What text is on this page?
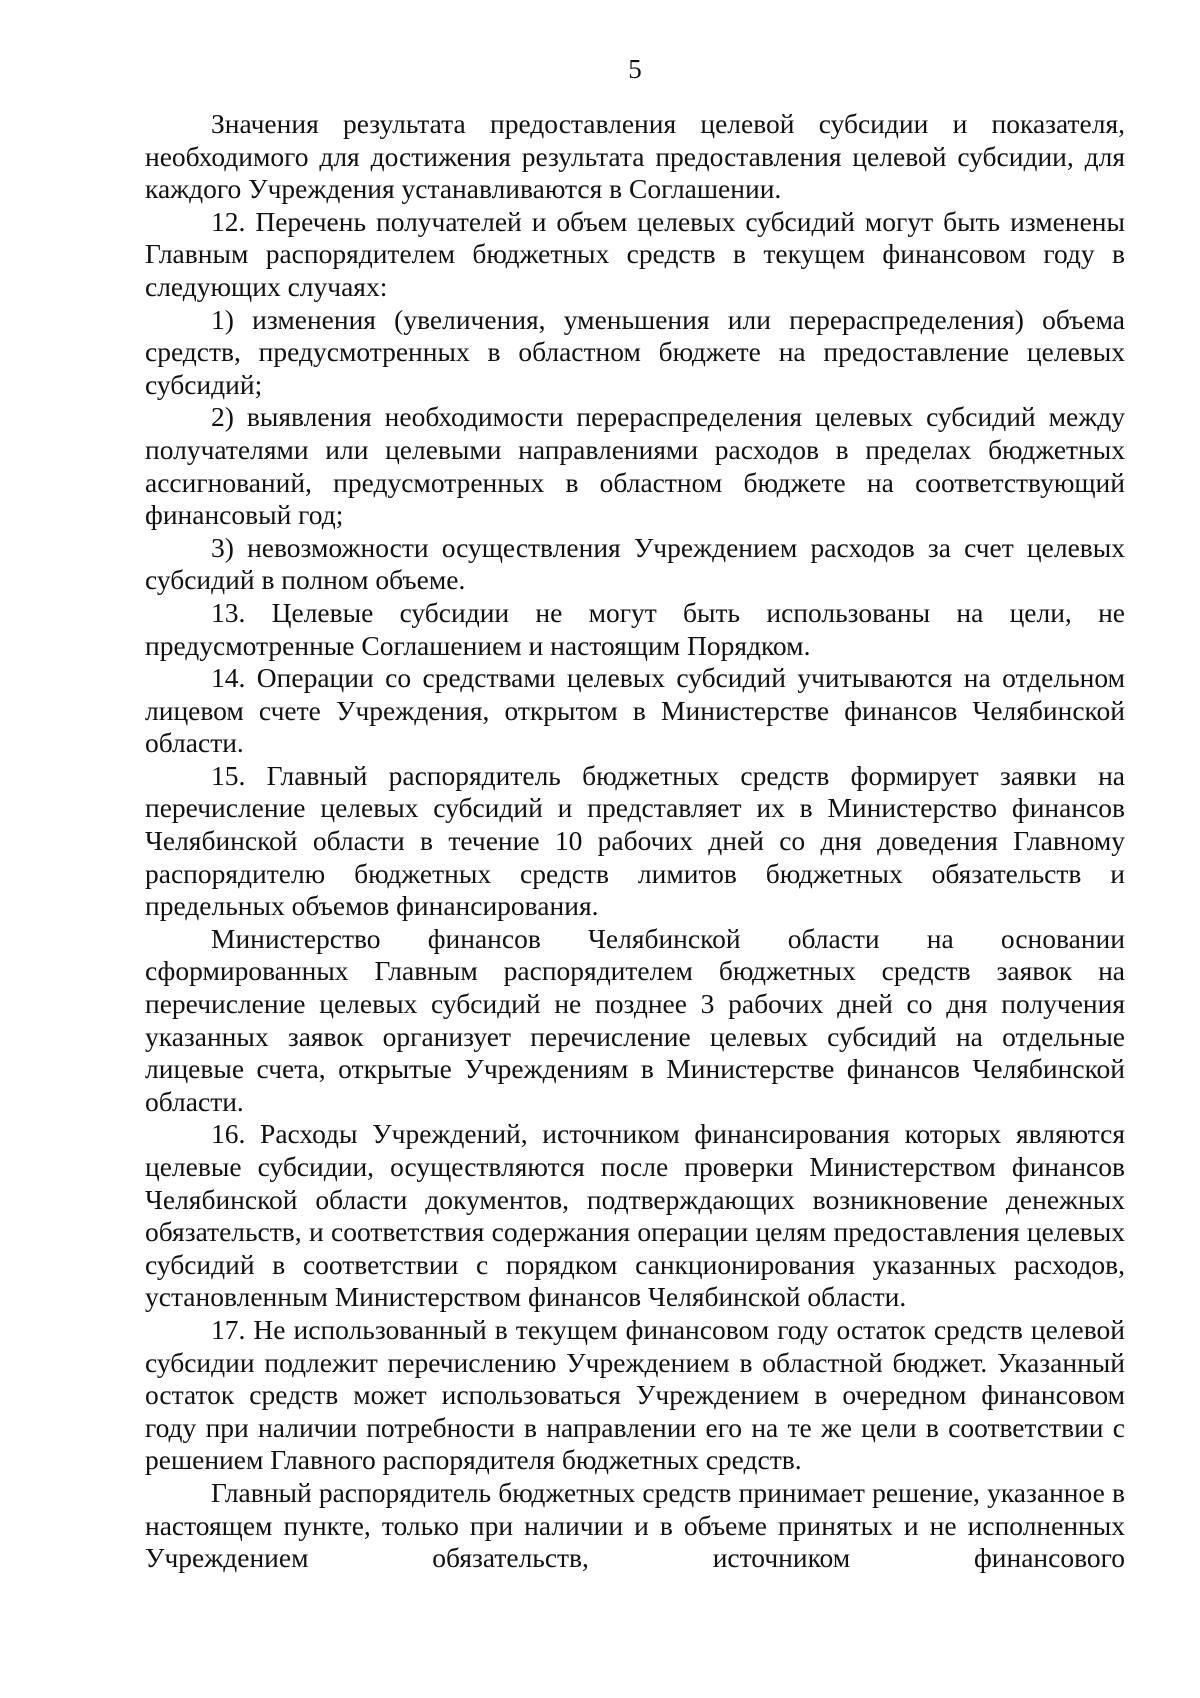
5

Значения результата предоставления целевой субсидии и показателя, необходимого для достижения результата предоставления целевой субсидии, для каждого Учреждения устанавливаются в Соглашении.

12. Перечень получателей и объем целевых субсидий могут быть изменены Главным распорядителем бюджетных средств в текущем финансовом году в следующих случаях:

1) изменения (увеличения, уменьшения или перераспределения) объема средств, предусмотренных в областном бюджете на предоставление целевых субсидий;

2) выявления необходимости перераспределения целевых субсидий между получателями или целевыми направлениями расходов в пределах бюджетных ассигнований, предусмотренных в областном бюджете на соответствующий финансовый год;

3) невозможности осуществления Учреждением расходов за счет целевых субсидий в полном объеме.

13. Целевые субсидии не могут быть использованы на цели, не предусмотренные Соглашением и настоящим Порядком.

14. Операции со средствами целевых субсидий учитываются на отдельном лицевом счете Учреждения, открытом в Министерстве финансов Челябинской области.

15. Главный распорядитель бюджетных средств формирует заявки на перечисление целевых субсидий и представляет их в Министерство финансов Челябинской области в течение 10 рабочих дней со дня доведения Главному распорядителю бюджетных средств лимитов бюджетных обязательств и предельных объемов финансирования.

Министерство финансов Челябинской области на основании сформированных Главным распорядителем бюджетных средств заявок на перечисление целевых субсидий не позднее 3 рабочих дней со дня получения указанных заявок организует перечисление целевых субсидий на отдельные лицевые счета, открытые Учреждениям в Министерстве финансов Челябинской области.

16. Расходы Учреждений, источником финансирования которых являются целевые субсидии, осуществляются после проверки Министерством финансов Челябинской области документов, подтверждающих возникновение денежных обязательств, и соответствия содержания операции целям предоставления целевых субсидий в соответствии с порядком санкционирования указанных расходов, установленным Министерством финансов Челябинской области.

17. Не использованный в текущем финансовом году остаток средств целевой субсидии подлежит перечислению Учреждением в областной бюджет. Указанный остаток средств может использоваться Учреждением в очередном финансовом году при наличии потребности в направлении его на те же цели в соответствии с решением Главного распорядителя бюджетных средств.

Главный распорядитель бюджетных средств принимает решение, указанное в настоящем пункте, только при наличии и в объеме принятых и не исполненных Учреждением обязательств, источником финансового
